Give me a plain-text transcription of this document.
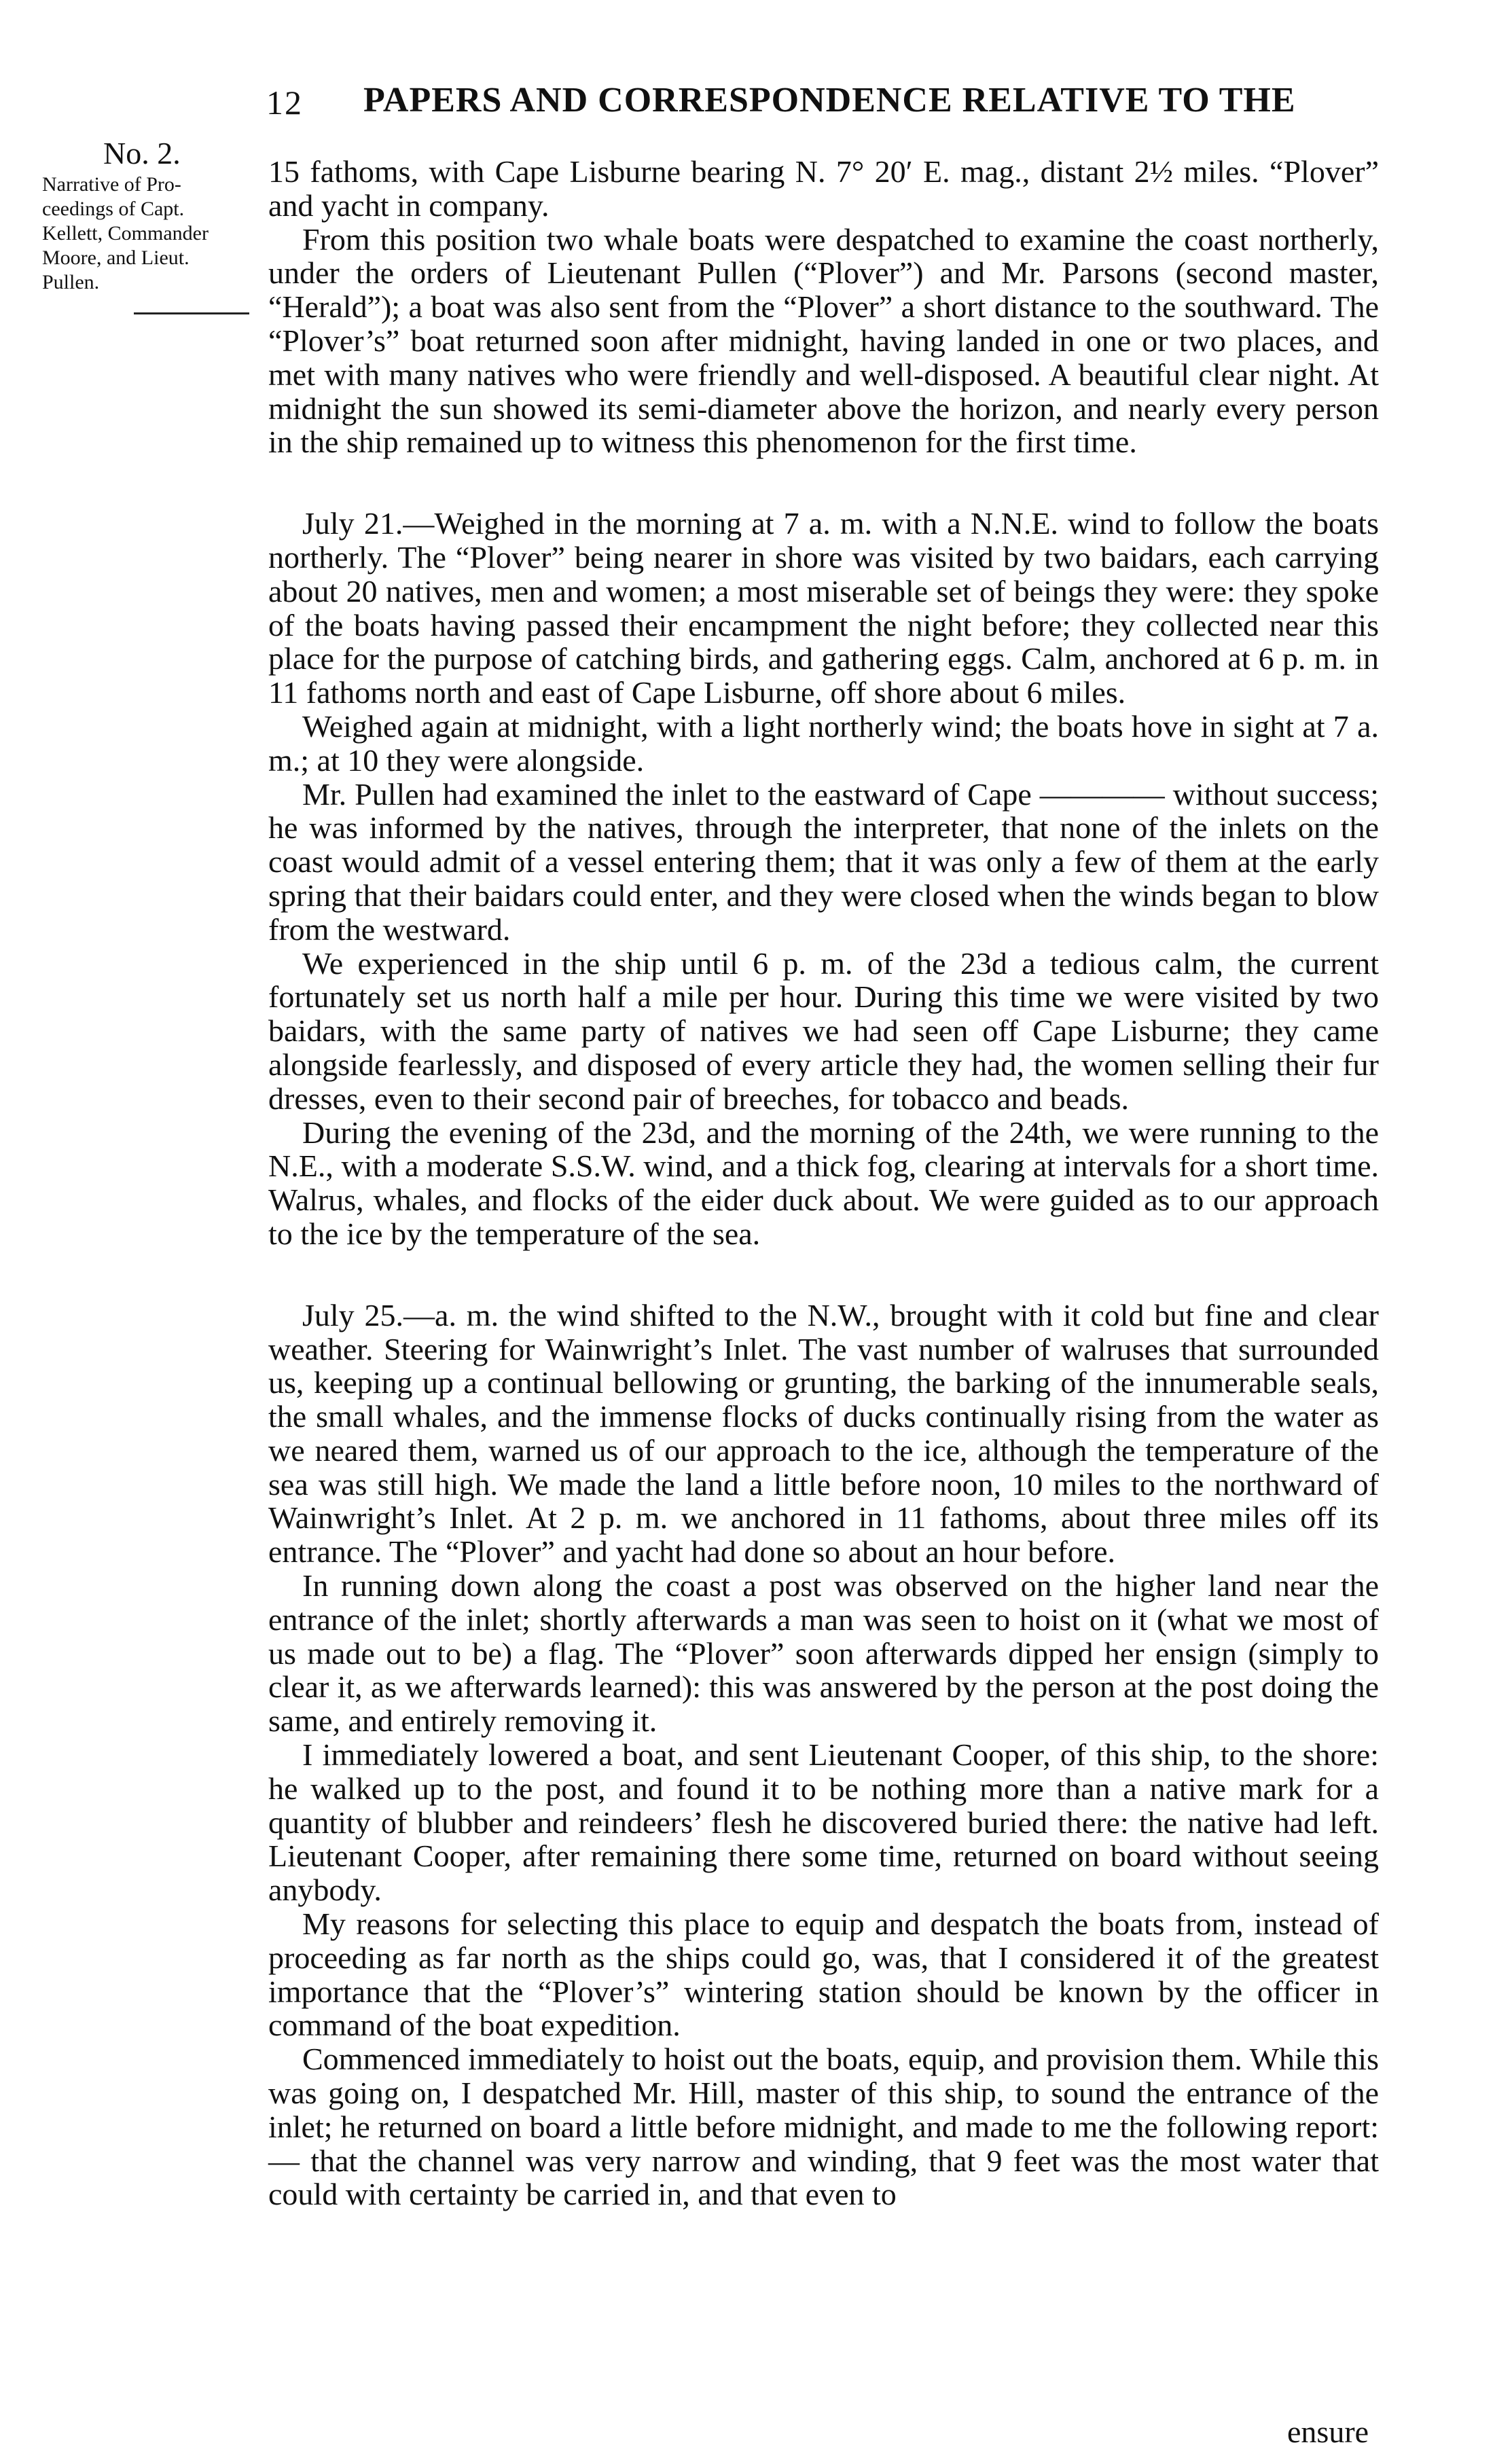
12 PAPERS AND CORRESPONDENCE RELATIVE TO THE
No. 2.
Narrative of Pro-
ceedings of Capt.
Kellett, Commander
Moore, and Lieut.
Pullen.

15 fathoms, with Cape Lisburne bearing N. 7° 20′ E. mag., distant 2½ miles. “Plover” and yacht in company.

From this position two whale boats were despatched to examine the coast northerly, under the orders of Lieutenant Pullen (“Plover”) and Mr. Parsons (second master, “Herald”); a boat was also sent from the “Plover” a short distance to the southward. The “Plover’s” boat returned soon after midnight, having landed in one or two places, and met with many natives who were friendly and well-disposed. A beautiful clear night. At midnight the sun showed its semi-diameter above the horizon, and nearly every person in the ship remained up to witness this phenomenon for the first time.

July 21.—Weighed in the morning at 7 a. m. with a N.N.E. wind to follow the boats northerly. The “Plover” being nearer in shore was visited by two baidars, each carrying about 20 natives, men and women; a most miserable set of beings they were: they spoke of the boats having passed their encampment the night before; they collected near this place for the purpose of catching birds, and gathering eggs. Calm, anchored at 6 p. m. in 11 fathoms north and east of Cape Lisburne, off shore about 6 miles.

Weighed again at midnight, with a light northerly wind; the boats hove in sight at 7 a. m.; at 10 they were alongside.

Mr. Pullen had examined the inlet to the eastward of Cape ———— without success; he was informed by the natives, through the interpreter, that none of the inlets on the coast would admit of a vessel entering them; that it was only a few of them at the early spring that their baidars could enter, and they were closed when the winds began to blow from the westward.

We experienced in the ship until 6 p. m. of the 23d a tedious calm, the current fortunately set us north half a mile per hour. During this time we were visited by two baidars, with the same party of natives we had seen off Cape Lisburne; they came alongside fearlessly, and disposed of every article they had, the women selling their fur dresses, even to their second pair of breeches, for tobacco and beads.

During the evening of the 23d, and the morning of the 24th, we were running to the N.E., with a moderate S.S.W. wind, and a thick fog, clearing at intervals for a short time. Walrus, whales, and flocks of the eider duck about. We were guided as to our approach to the ice by the temperature of the sea.

July 25.—a. m. the wind shifted to the N.W., brought with it cold but fine and clear weather. Steering for Wainwright’s Inlet. The vast number of walruses that surrounded us, keeping up a continual bellowing or grunting, the barking of the innumerable seals, the small whales, and the immense flocks of ducks continually rising from the water as we neared them, warned us of our approach to the ice, although the temperature of the sea was still high. We made the land a little before noon, 10 miles to the northward of Wainwright’s Inlet. At 2 p. m. we anchored in 11 fathoms, about three miles off its entrance. The “Plover” and yacht had done so about an hour before.

In running down along the coast a post was observed on the higher land near the entrance of the inlet; shortly afterwards a man was seen to hoist on it (what we most of us made out to be) a flag. The “Plover” soon afterwards dipped her ensign (simply to clear it, as we afterwards learned): this was answered by the person at the post doing the same, and entirely removing it.

I immediately lowered a boat, and sent Lieutenant Cooper, of this ship, to the shore: he walked up to the post, and found it to be nothing more than a native mark for a quantity of blubber and reindeers’ flesh he discovered buried there: the native had left. Lieutenant Cooper, after remaining there some time, returned on board without seeing anybody.

My reasons for selecting this place to equip and despatch the boats from, instead of proceeding as far north as the ships could go, was, that I considered it of the greatest importance that the “Plover’s” wintering station should be known by the officer in command of the boat expedition.

Commenced immediately to hoist out the boats, equip, and provision them. While this was going on, I despatched Mr. Hill, master of this ship, to sound the entrance of the inlet; he returned on board a little before midnight, and made to me the following report:— that the channel was very narrow and winding, that 9 feet was the most water that could with certainty be carried in, and that even to

ensure
